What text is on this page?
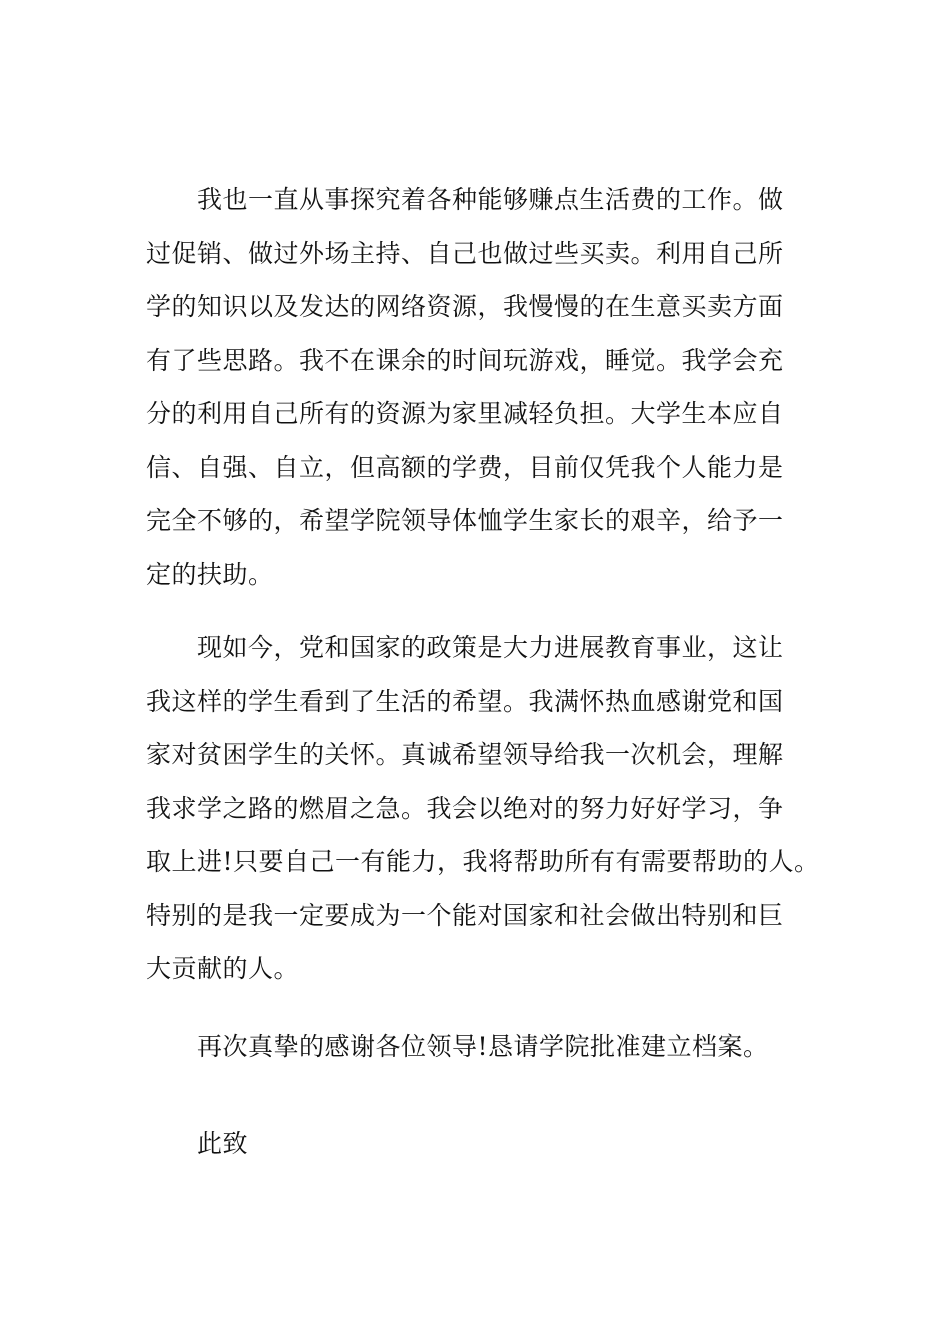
我也一直从事探究着各种能够赚点生活费的工作。做
过促销、做过外场主持、自己也做过些买卖。利用自己所
学的知识以及发达的网络资源，我慢慢的在生意买卖方面
有了些思路。我不在课余的时间玩游戏，睡觉。我学会充
分的利用自己所有的资源为家里减轻负担。大学生本应自
信、自强、自立，但高额的学费，目前仅凭我个人能力是
完全不够的，希望学院领导体恤学生家长的艰辛，给予一
定的扶助。
现如今，党和国家的政策是大力进展教育事业，这让
我这样的学生看到了生活的希望。我满怀热血感谢党和国
家对贫困学生的关怀。真诚希望领导给我一次机会，理解
我求学之路的燃眉之急。我会以绝对的努力好好学习，争
取上进!只要自己一有能力，我将帮助所有有需要帮助的人。
特别的是我一定要成为一个能对国家和社会做出特别和巨
大贡献的人。
再次真挚的感谢各位领导!恳请学院批准建立档案。
此致
